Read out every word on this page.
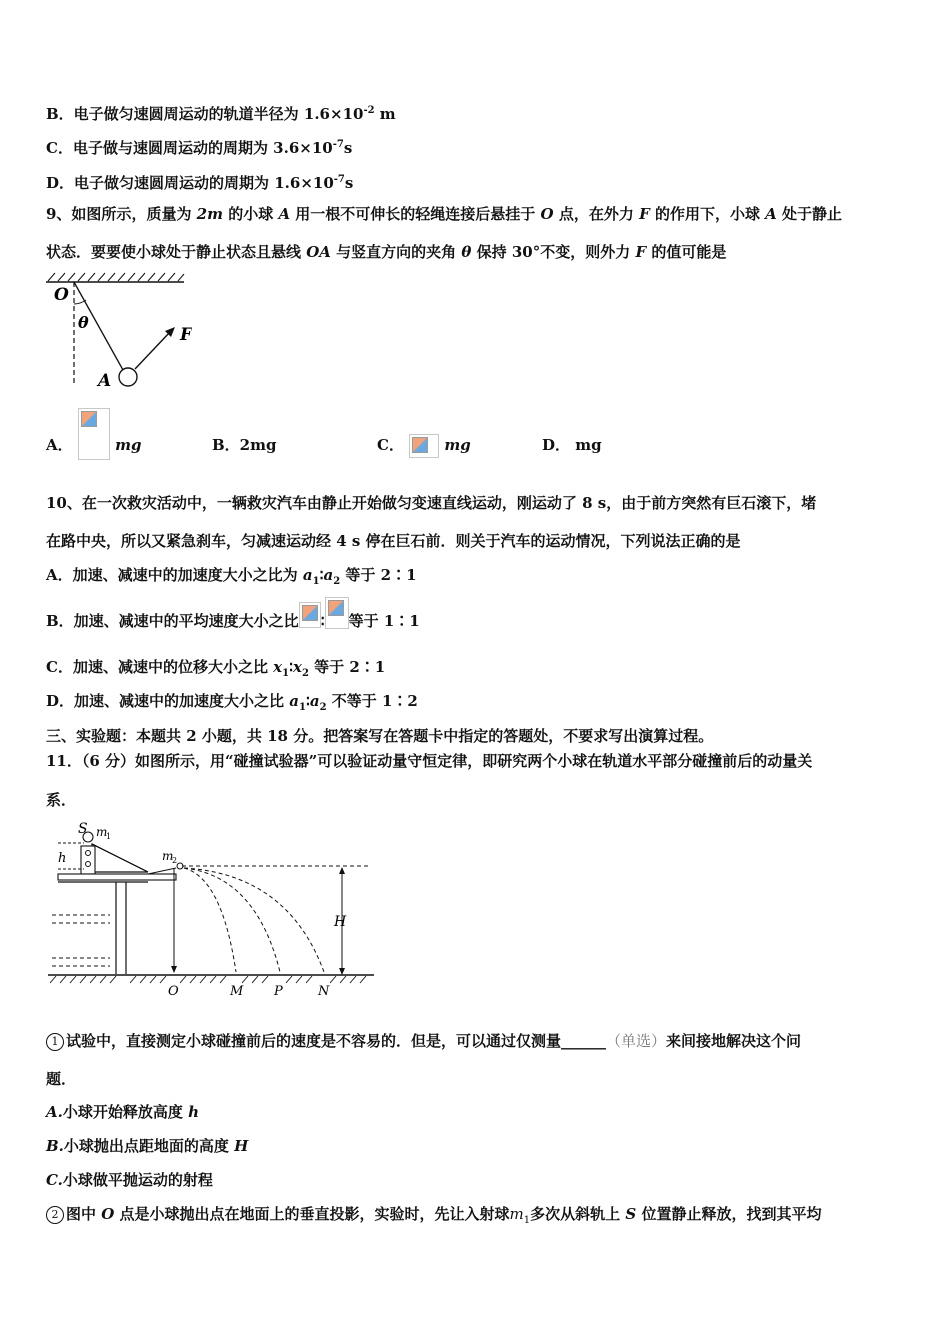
B．电子做匀速圆周运动的轨道半径为 $1.6\times 10^{-2}$ m
C．电子做与速圆周运动的周期为 $3.6\times 10^{-7}s$
D．电子做匀速圆周运动的周期为 $1.6\times 10^{-7}s$
9、如图所示，质量为 2m 的小球 A 用一根不可伸长的轻绳连接后悬挂于 O 点，在外力 F 的作用下，小球 A 处于静止
状态．要要使小球处于静止状态且悬线 OA 与竖直方向的夹角 θ 保持 30°不变，则外力 F 的值可能是
O
θ
F
A
A．	mg	B．2mg	C．	mg	D． mg
10、在一次救灾活动中，一辆救灾汽车由静止开始做匀变速直线运动，刚运动了 8 s，由于前方突然有巨石滚下，堵
在路中央，所以又紧急刹车，匀减速运动经 4 s 停在巨石前．则关于汽车的运动情况，下列说法正确的是
A．加速、减速中的加速度大小之比为 $a_1∶a_2$ 等于 2∶1
B．加速、减速中的平均速度大小之比 ∶ 等于 1∶1
C．加速、减速中的位移大小之比 $x_1∶x_2$ 等于 2∶1
D．加速、减速中的加速度大小之比 $a_1∶a_2$ 不等于 1∶2
三、实验题：本题共 2 小题，共 18 分。把答案写在答题卡中指定的答题处，不要求写出演算过程。
11．（6 分）如图所示，用“碰撞试验器”可以验证动量守恒定律，即研究两个小球在轨道水平部分碰撞前后的动量关
系．
S m
1
h	m
2
H
O	M P	N
1 试验中，直接测定小球碰撞前后的速度是不容易的．但是，可以通过仅测量______（单选）来间接地解决这个问
题．
A.小球开始释放高度 h
B.小球抛出点距地面的高度 H
C.小球做平抛运动的射程
2 图中 O 点是小球抛出点在地面上的垂直投影，实验时，先让入射球$m_1$多次从斜轨上 S 位置静止释放，找到其平均
